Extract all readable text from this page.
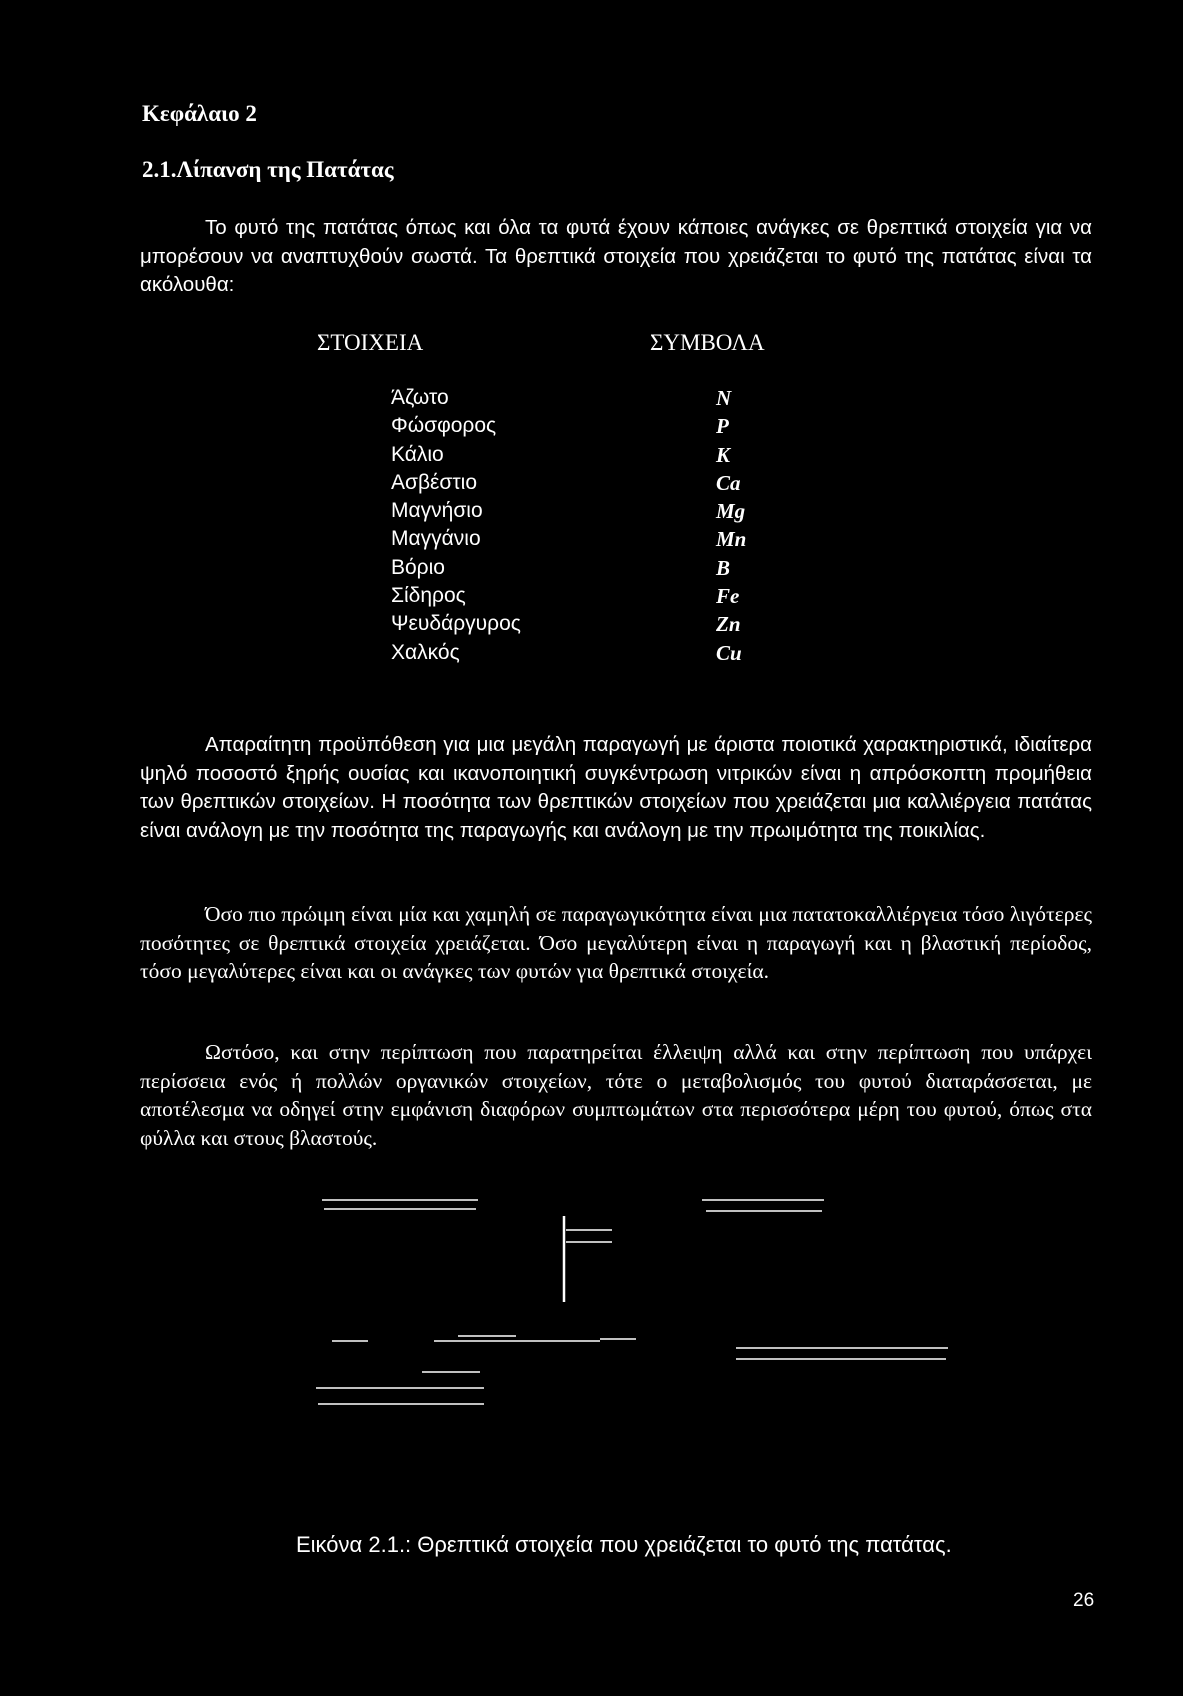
Κεφάλαιο 2
2.1.Λίπανση της Πατάτας
Το φυτό της πατάτας όπως και όλα τα φυτά έχουν κάποιες ανάγκες σε θρεπτικά στοιχεία για να μπορέσουν να αναπτυχθούν σωστά. Τα θρεπτικά στοιχεία που χρειάζεται το φυτό της πατάτας είναι τα ακόλουθα:
ΣΤΟΙΧΕΙΑ	ΣΥΜΒΟΛΑ
Άζωτο
Φώσφορος
Κάλιο
Ασβέστιο
Μαγνήσιο
Μαγγάνιο
Βόριο
Σίδηρος
Ψευδάργυρος
Χαλκός
N
P
K
Ca
Mg
Mn
B
Fe
Zn
Cu
Απαραίτητη προϋπόθεση για μια μεγάλη παραγωγή με άριστα ποιοτικά χαρακτηριστικά, ιδιαίτερα ψηλό ποσοστό ξηρής ουσίας και ικανοποιητική συγκέντρωση νιτρικών είναι η απρόσκοπτη προμήθεια των θρεπτικών στοιχείων. Η ποσότητα των θρεπτικών στοιχείων που χρειάζεται μια καλλιέργεια πατάτας είναι ανάλογη με την ποσότητα της παραγωγής και ανάλογη με την πρωιμότητα της ποικιλίας.
Όσο πιο πρώιμη είναι μία και χαμηλή σε παραγωγικότητα είναι μια πατατοκαλλιέργεια τόσο λιγότερες ποσότητες σε θρεπτικά στοιχεία χρειάζεται. Όσο μεγαλύτερη είναι η παραγωγή και η βλαστική περίοδος, τόσο μεγαλύτερες είναι και οι ανάγκες των φυτών για θρεπτικά στοιχεία.
Ωστόσο, και στην περίπτωση που παρατηρείται έλλειψη αλλά και στην περίπτωση που υπάρχει περίσσεια ενός ή πολλών οργανικών στοιχείων, τότε ο μεταβολισμός του φυτού διαταράσσεται, με αποτέλεσμα να οδηγεί στην εμφάνιση διαφόρων συμπτωμάτων στα περισσότερα μέρη του φυτού, όπως στα φύλλα και στους βλαστούς.
Εικόνα 2.1.: Θρεπτικά στοιχεία που χρειάζεται το φυτό της πατάτας.
26
